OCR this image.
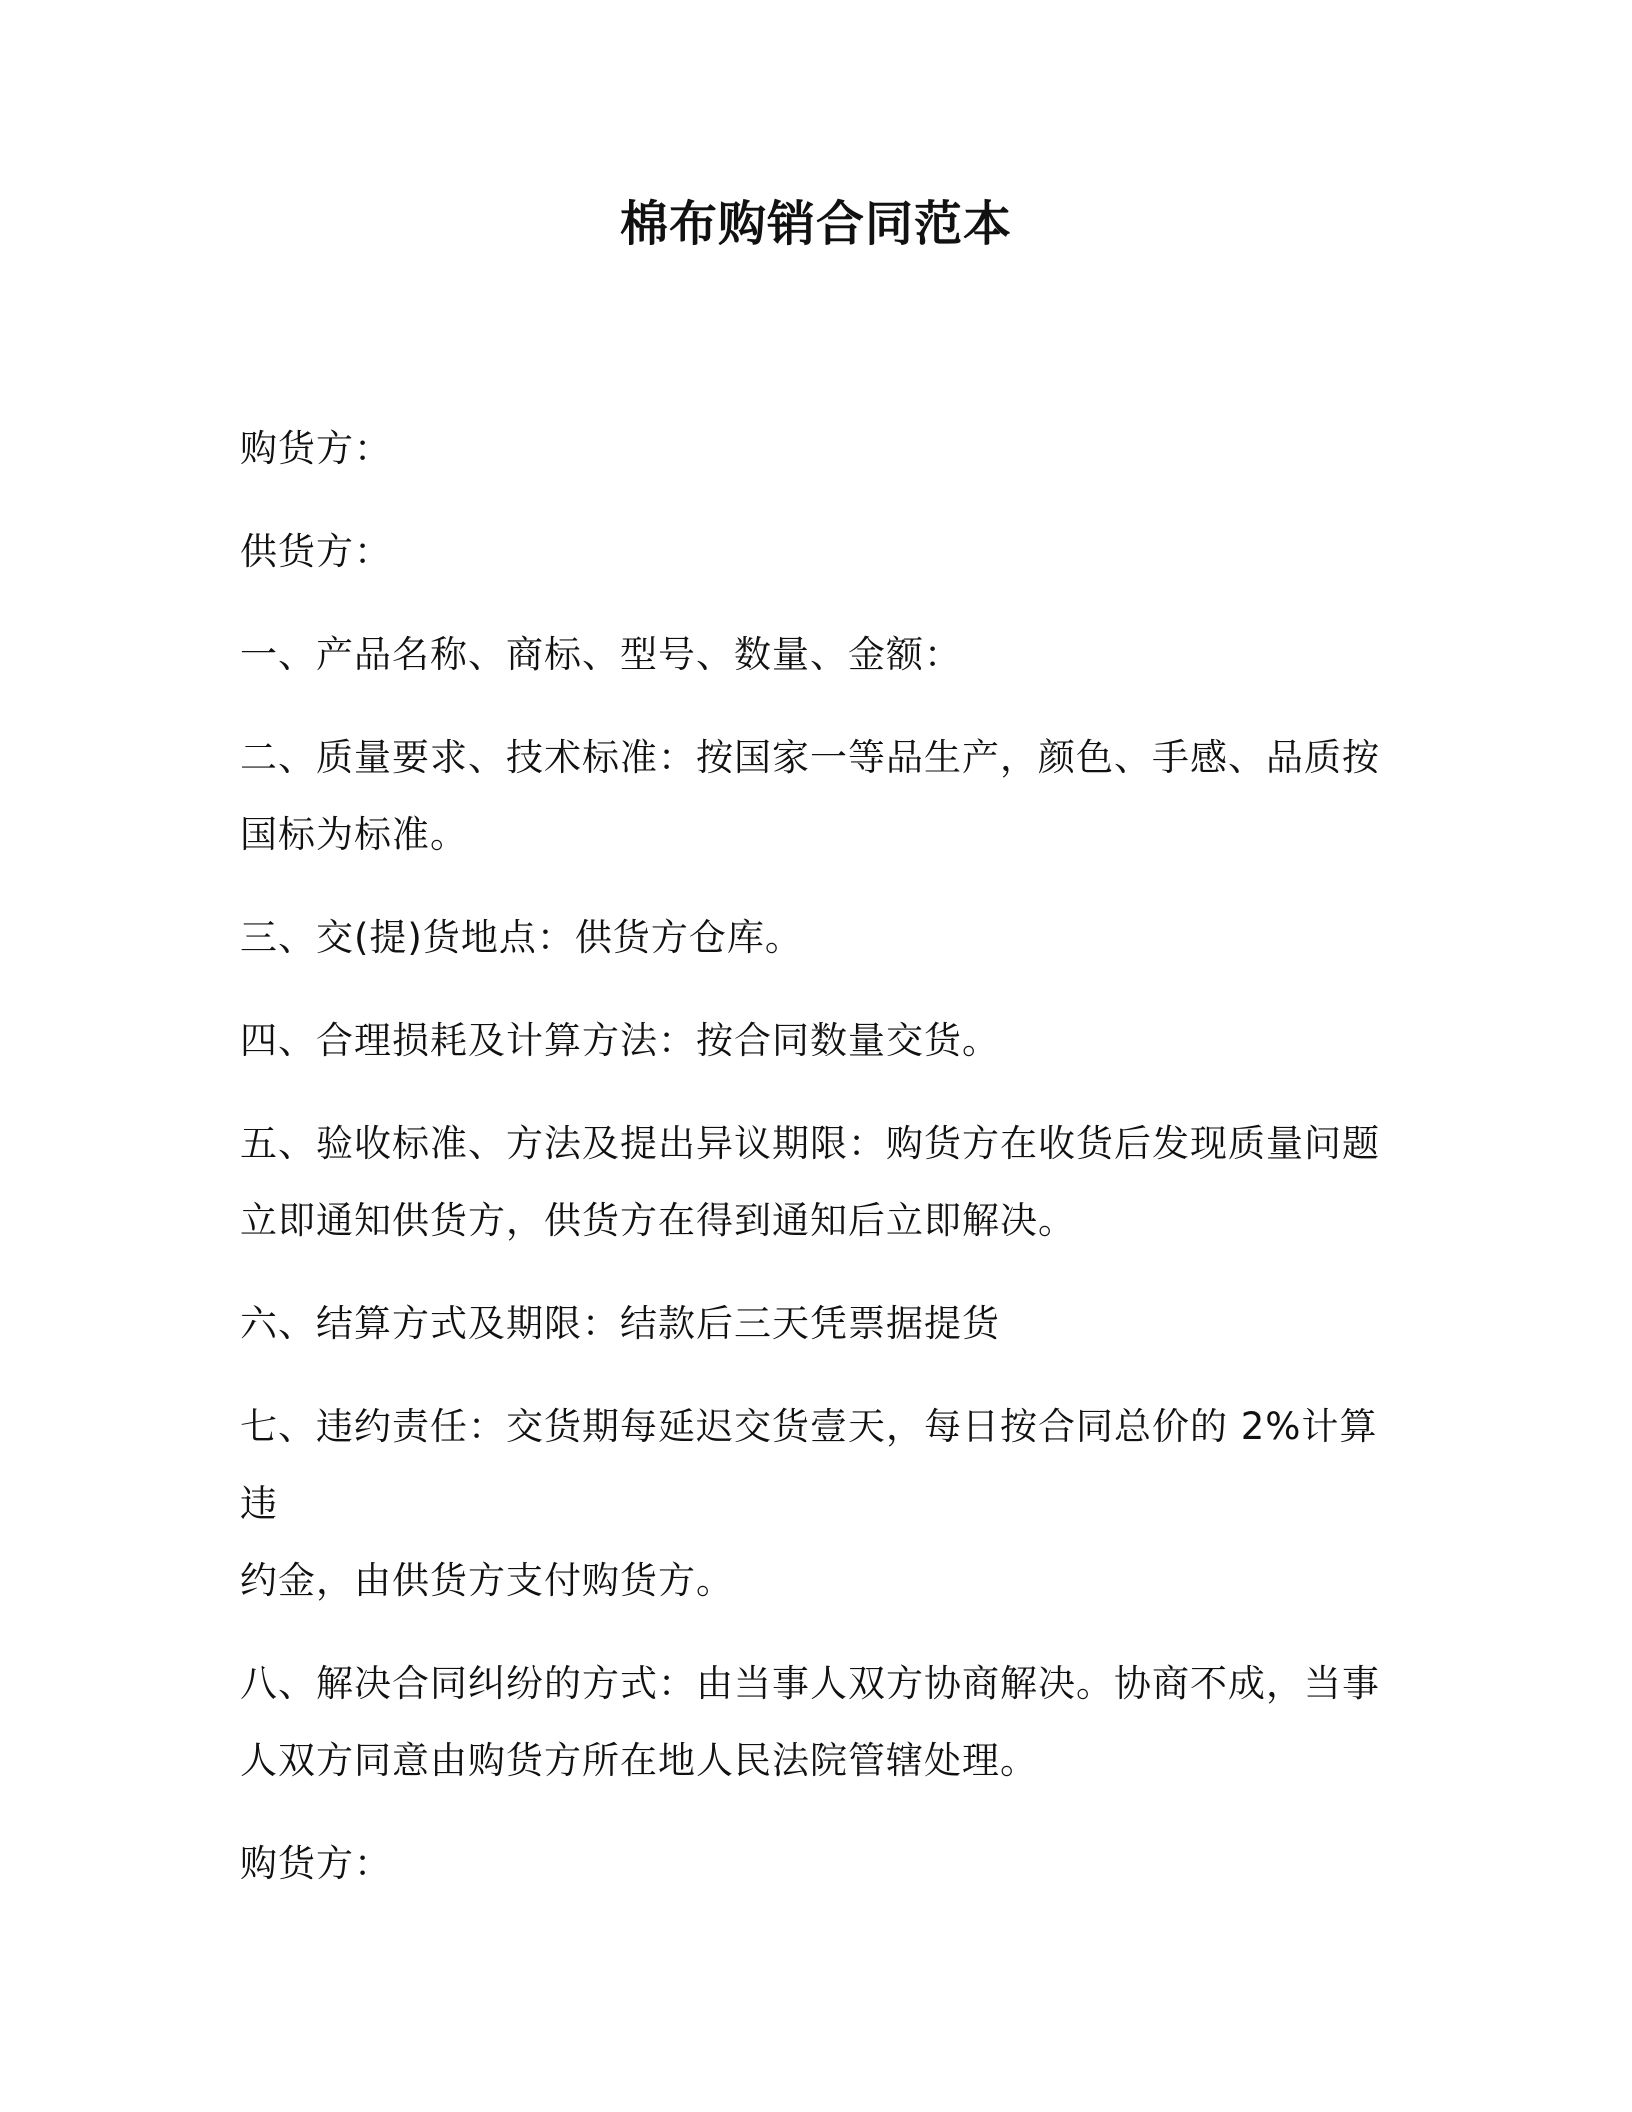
棉布购销合同范本

购货方：

供货方：

一、产品名称、商标、型号、数量、金额：

二、质量要求、技术标准：按国家一等品生产，颜色、手感、品质按
国标为标准。

三、交(提)货地点：供货方仓库。

四、合理损耗及计算方法：按合同数量交货。

五、验收标准、方法及提出异议期限：购货方在收货后发现质量问题
立即通知供货方，供货方在得到通知后立即解决。

六、结算方式及期限：结款后三天凭票据提货

七、违约责任：交货期每延迟交货壹天，每日按合同总价的 2%计算违
约金，由供货方支付购货方。

八、解决合同纠纷的方式：由当事人双方协商解决。协商不成，当事
人双方同意由购货方所在地人民法院管辖处理。

购货方：
